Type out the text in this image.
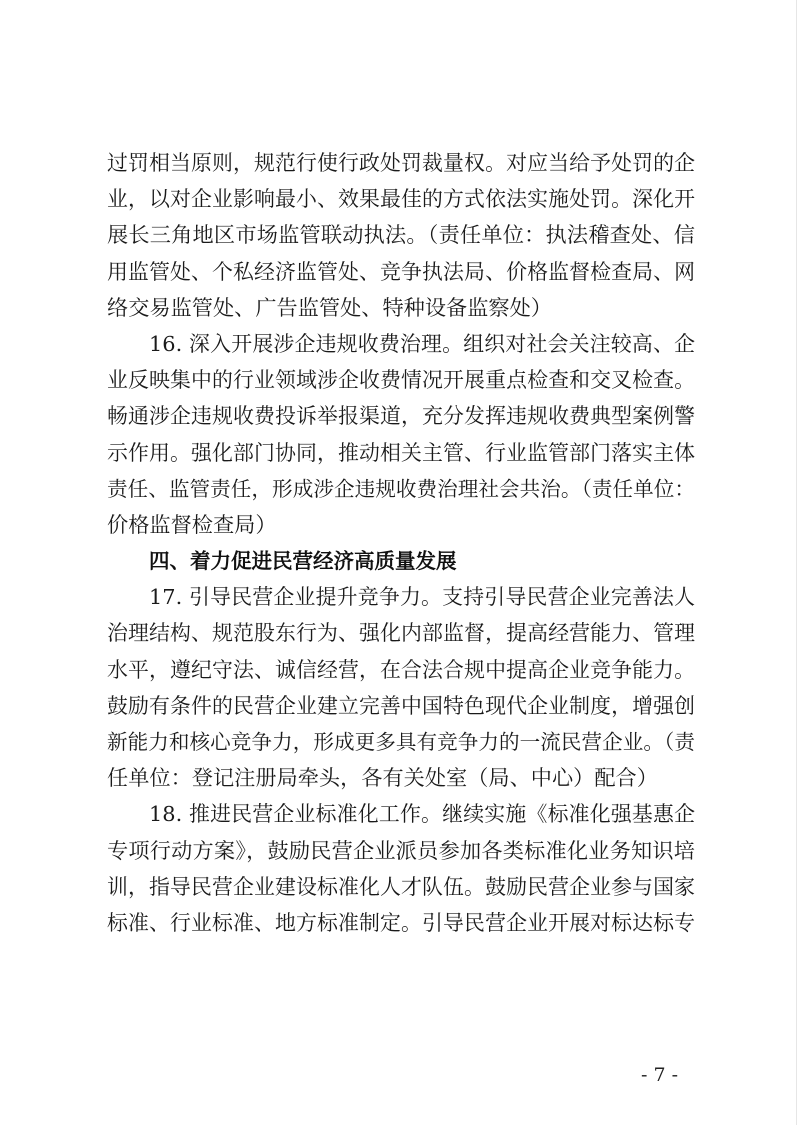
过罚相当原则，规范行使行政处罚裁量权。对应当给予处罚的企
业，以对企业影响最小、效果最佳的方式依法实施处罚。深化开
展长三角地区市场监管联动执法。（责任单位：执法稽查处、信
用监管处、个私经济监管处、竞争执法局、价格监督检查局、网
络交易监管处、广告监管处、特种设备监察处）
16. 深入开展涉企违规收费治理。组织对社会关注较高、企
业反映集中的行业领域涉企收费情况开展重点检查和交叉检查。
畅通涉企违规收费投诉举报渠道，充分发挥违规收费典型案例警
示作用。强化部门协同，推动相关主管、行业监管部门落实主体
责任、监管责任，形成涉企违规收费治理社会共治。（责任单位：
价格监督检查局）
四、着力促进民营经济高质量发展
17. 引导民营企业提升竞争力。支持引导民营企业完善法人
治理结构、规范股东行为、强化内部监督，提高经营能力、管理
水平，遵纪守法、诚信经营，在合法合规中提高企业竞争能力。
鼓励有条件的民营企业建立完善中国特色现代企业制度，增强创
新能力和核心竞争力，形成更多具有竞争力的一流民营企业。（责
任单位：登记注册局牵头，各有关处室（局、中心）配合）
18. 推进民营企业标准化工作。继续实施《标准化强基惠企
专项行动方案》，鼓励民营企业派员参加各类标准化业务知识培
训，指导民营企业建设标准化人才队伍。鼓励民营企业参与国家
标准、行业标准、地方标准制定。引导民营企业开展对标达标专
- 7 -
